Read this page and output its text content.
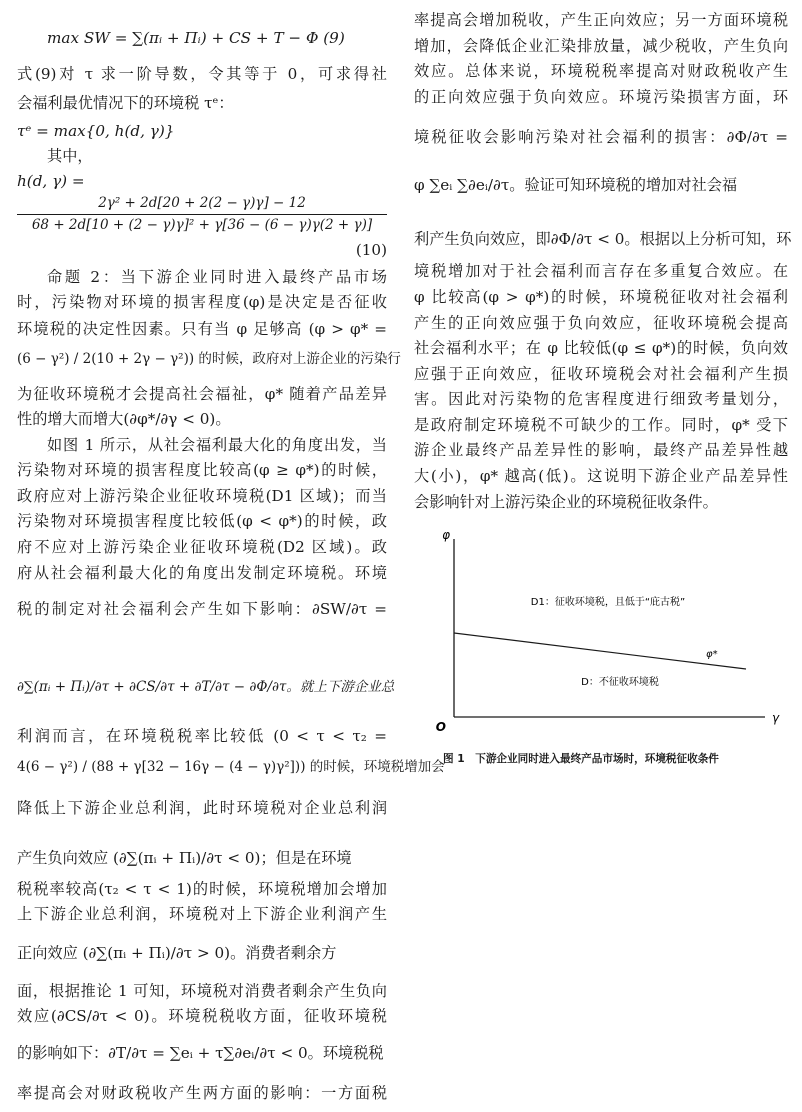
max SW = ∑(πᵢ + Πᵢ) + CS + T − Φ (9)
式(9)对 τ 求一阶导数，令其等于 0，可求得社
会福利最优情况下的环境税 τᵉ：
τᵉ = max{0, h(d, γ)}
其中，
h(d, γ) =
2γ² + 2d[20 + 2(2 − γ)γ] − 12
68 + 2d[10 + (2 − γ)γ]² + γ[36 − (6 − γ)γ(2 + γ)]
(10)
命题 2：当下游企业同时进入最终产品市场
时，污染物对环境的损害程度(φ)是决定是否征收
环境税的决定性因素。只有当 φ 足够高 (φ > φ* =
(6 − γ²) / 2(10 + 2γ − γ²)) 的时候，政府对上游企业的污染行
为征收环境税才会提高社会福祉，φ* 随着产品差异
性的增大而增大(∂φ*/∂γ < 0)。
如图 1 所示，从社会福利最大化的角度出发，当
污染物对环境的损害程度比较高(φ ≥ φ*)的时候，
政府应对上游污染企业征收环境税(D1 区域)；而当
污染物对环境损害程度比较低(φ < φ*)的时候，政
府不应对上游污染企业征收环境税(D2 区域)。政
府从社会福利最大化的角度出发制定环境税。环境
税的制定对社会福利会产生如下影响：∂SW/∂τ =
∂∑(πᵢ + Πᵢ)/∂τ + ∂CS/∂τ + ∂T/∂τ − ∂Φ/∂τ。就上下游企业总
利润而言，在环境税税率比较低 (0 < τ < τ₂ =
4(6 − γ²) / (88 + γ[32 − 16γ − (4 − γ)γ²])) 的时候，环境税增加会
降低上下游企业总利润，此时环境税对企业总利润
产生负向效应 (∂∑(πᵢ + Πᵢ)/∂τ < 0)；但是在环境
税税率较高(τ₂ < τ < 1)的时候，环境税增加会增加
上下游企业总利润，环境税对上下游企业利润产生
正向效应 (∂∑(πᵢ + Πᵢ)/∂τ > 0)。消费者剩余方
面，根据推论 1 可知，环境税对消费者剩余产生负向
效应(∂CS/∂τ < 0)。环境税税收方面，征收环境税
的影响如下：∂T/∂τ = ∑eᵢ + τ∑∂eᵢ/∂τ < 0。环境税税
率提高会对财政税收产生两方面的影响：一方面税
率提高会增加税收，产生正向效应；另一方面环境税
增加，会降低企业汇染排放量，减少税收，产生负向
效应。总体来说，环境税税率提高对财政税收产生
的正向效应强于负向效应。环境污染损害方面，环
境税征收会影响污染对社会福利的损害：∂Φ/∂τ =
φ ∑eᵢ ∑∂eᵢ/∂τ。验证可知环境税的增加对社会福
利产生负向效应，即∂Φ/∂τ < 0。根据以上分析可知，环
境税增加对于社会福利而言存在多重复合效应。在
φ 比较高(φ > φ*)的时候，环境税征收对社会福利
产生的正向效应强于负向效应，征收环境税会提高
社会福利水平；在 φ 比较低(φ ≤ φ*)的时候，负向效
应强于正向效应，征收环境税会对社会福利产生损
害。因此对污染物的危害程度进行细致考量划分，
是政府制定环境税不可缺少的工作。同时，φ* 受下
游企业最终产品差异性的影响，最终产品差异性越
大(小)，φ* 越高(低)。这说明下游企业产品差异性
会影响针对上游污染企业的环境税征收条件。
φ
γ
O
φ*
D1：征收环境税，且低于“庇古税”
D：不征收环境税
图 1　下游企业同时进入最终产品市场时，环境税征收条件
